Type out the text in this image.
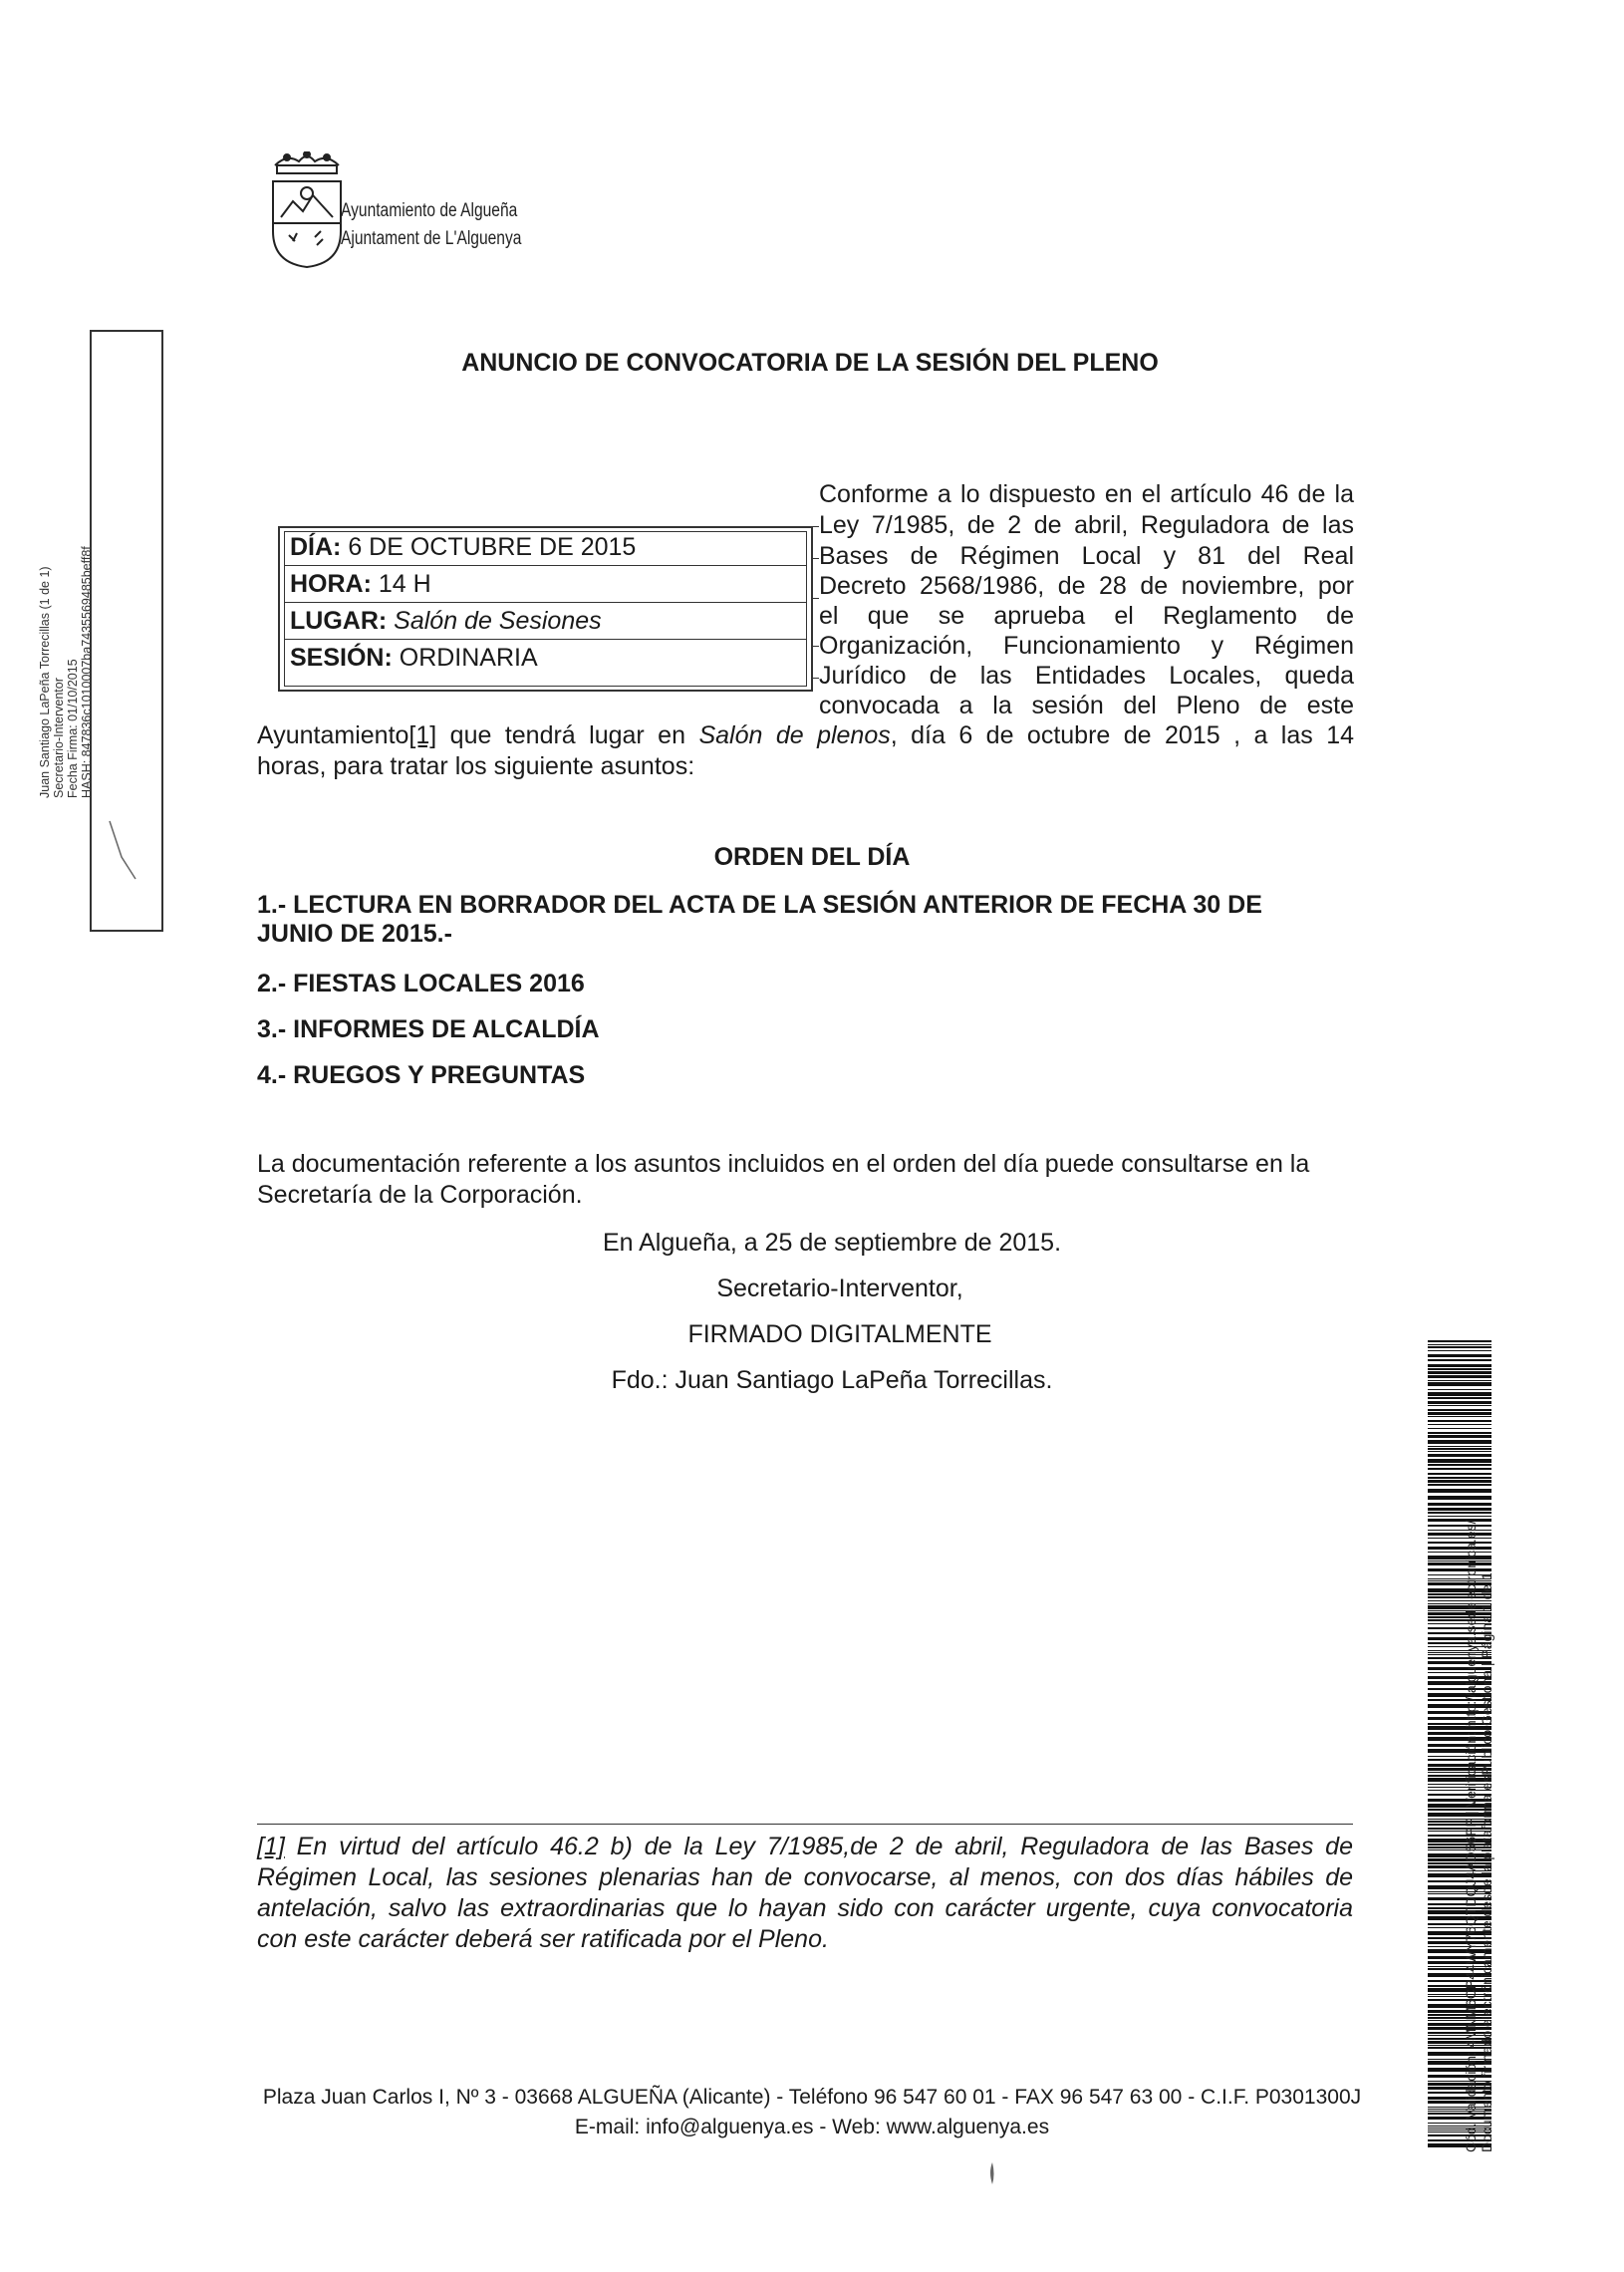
Ayuntamiento de Algueña
Ajuntament de L'Alguenya
Juan Santiago LaPeña Torrecillas (1 de 1) Secretario-Interventor Fecha Firma: 01/10/2015 HASH: 847836c1010007ba7435569485beff8f
ANUNCIO DE CONVOCATORIA DE LA SESIÓN DEL PLENO
DÍA: 6 DE OCTUBRE DE 2015
HORA: 14 H
LUGAR: Salón de Sesiones
SESIÓN: ORDINARIA
Conforme a lo dispuesto en el artículo 46 de la
Ley 7/1985, de 2 de abril, Reguladora de las
Bases de Régimen Local y 81 del Real
Decreto 2568/1986, de 28 de noviembre, por
el que se aprueba el Reglamento de
Organización, Funcionamiento y Régimen
Jurídico de las Entidades Locales, queda
convocada a la sesión del Pleno de este
Ayuntamiento[1] que tendrá lugar en Salón de plenos, día 6 de octubre de 2015 , a las 14
horas, para tratar los siguiente asuntos:
ORDEN DEL DÍA
1.- LECTURA EN BORRADOR DEL ACTA DE LA SESIÓN ANTERIOR DE FECHA 30 DE
JUNIO DE 2015.-
2.- FIESTAS LOCALES 2016
3.- INFORMES DE ALCALDÍA
4.- RUEGOS Y PREGUNTAS
La documentación referente a los asuntos incluidos en el orden del día puede consultarse en la
Secretaría de la Corporación.
En Algueña, a 25 de septiembre de 2015.
Secretario-Interventor,
FIRMADO DIGITALMENTE
Fdo.: Juan Santiago LaPeña Torrecillas.
[1] En virtud del artículo 46.2 b) de la Ley 7/1985,de 2 de abril, Reguladora de las Bases de
Régimen Local, las sesiones plenarias han de convocarse, al menos, con dos días hábiles de
antelación, salvo las extraordinarias que lo hayan sido con carácter urgente, cuya convocatoria
con este carácter deberá ser ratificada por el Pleno.
Plaza Juan Carlos I, Nº 3 - 03668 ALGUEÑA (Alicante) - Teléfono 96 547 60 01 - FAX 96 547 63 00 - C.I.F. P0301300J
E-mail: info@alguenya.es - Web: www.alguenya.es	Cód. Validación: 4MNM6CP44WY76QTDQJ4AD56PF | Verificación: http://alguenya.sedelectronica.es/ Documento firmado electrónicamente desde la plataforma esPublico Gestiona | Página 1 de 1
